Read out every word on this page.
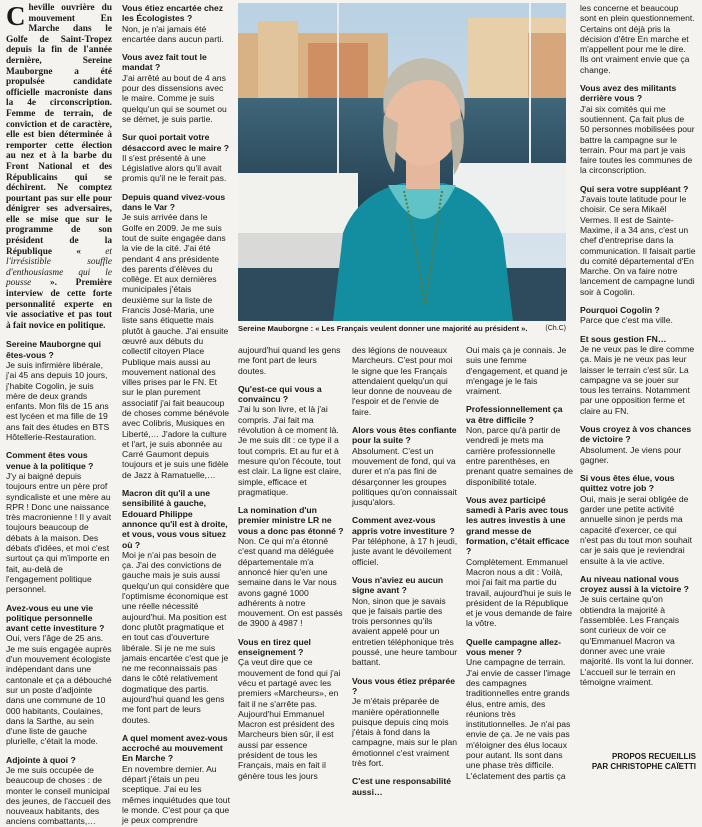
Cheville ouvrière du mouvement En Marche dans le Golfe de Saint-Tropez depuis la fin de l'année dernière, Sereine Mauborgne a été propulsée candidate officielle macroniste dans la 4e circonscription. Femme de terrain, de conviction et de caractère, elle est bien déterminée à remporter cette élection au nez et à la barbe du Front National et des Républicains qui se déchirent. Ne comptez pourtant pas sur elle pour dénigrer ses adversaires, elle se mise que sur le programme de son président de la République « et l'irrésistible souffle d'enthousiasme qui le pousse ». Première interview de cette forte personnalité experte en vie associative et pas tout à fait novice en politique.

Sereine Mauborgne qui êtes-vous ?

Je suis infirmière libérale, j'ai 45 ans depuis 10 jours, j'habite Cogolin, je suis mère de deux grands enfants. Mon fils de 15 ans est lycéen et ma fille de 19 ans fait des études en BTS Hôtellerie-Restauration.

Comment êtes vous venue à la politique ?

J'y ai baigné depuis toujours entre un père prof syndicaliste et une mère au RPR ! Donc une naissance très macronienne ! Il y avait toujours beaucoup de débats à la maison. Des débats d'idées, et moi c'est surtout ça qui m'importe en fait, au-delà de l'engagement politique personnel.

Avez-vous eu une vie politique personnelle avant cette investiture ?

Oui, vers l'âge de 25 ans. Je me suis engagée auprès d'un mouvement écologiste indépendant dans une cantonale et ça a débouché sur un poste d'adjointe dans une commune de 10 000 habitants, Coulaines, dans la Sarthe, au sein d'une liste de gauche plurielle, c'était la mode.

Adjointe à quoi ?

Je me suis occupée de beaucoup de choses : de monter le conseil municipal des jeunes, de l'accueil des nouveaux habitants, des anciens combattants,…

Vous étiez encartée chez les Écologistes ?

Non, je n'ai jamais été encartée dans aucun parti.

Vous avez fait tout le mandat ?

J'ai arrêté au bout de 4 ans pour des dissensions avec le maire. Comme je suis quelqu'un qui se soumet ou se démet, je suis partie.

Sur quoi portait votre désaccord avec le maire ?

Il s'est présenté à une Législative alors qu'il avait promis qu'il ne le ferait pas.

Depuis quand vivez-vous dans le Var ?

Je suis arrivée dans le Golfe en 2009. Je me suis tout de suite engagée dans la vie de la cité. J'ai été pendant 4 ans présidente des parents d'élèves du collège. Et aux dernières municipales j'étais deuxième sur la liste de Francis José-Maria, une liste sans étiquette mais plutôt à gauche. J'ai ensuite œuvré aux débuts du collectif citoyen Place Publique mais aussi au mouvement national des villes prises par le FN. Et sur le plan purement associatif j'ai fait beaucoup de choses comme bénévole avec Colibris, Musiques en Liberté,… J'adore la culture et l'art, je suis abonnée au Carré Gaumont depuis toujours et je suis une fidèle de Jazz à Ramatuelle,…

Macron dit qu'il a une sensibilité à gauche, Edouard Philippe annonce qu'il est à droite, et vous, vous vous situez où ?

Moi je n'ai pas besoin de ça. J'ai des convictions de gauche mais je suis aussi quelqu'un qui considère que l'optimisme économique est une réelle nécessité aujourd'hui. Ma position est donc plutôt pragmatique et en tout cas d'ouverture libérale. Si je ne me suis jamais encartée c'est que je ne me reconnaissais pas dans le côté relativement dogmatique des partis. aujourd'hui quand les gens me font part de leurs doutes.

A quel moment avez-vous accroché au mouvement En Marche ?

En novembre dernier. Au départ j'étais un peu sceptique. J'ai eu les mêmes inquiétudes que tout le monde. C'est pour ça que je peux comprendre

Sereine Mauborgne : « Les Français veulent donner une majorité au président ».	(Ch.C)

aujourd'hui quand les gens me font part de leurs doutes.

Qu'est-ce qui vous a convaincu ?

J'ai lu son livre, et là j'ai compris. J'ai fait ma révolution à ce moment là. Je me suis dit : ce type il a tout compris. Et au fur et à mesure qu'on l'écoute, tout est clair. La ligne est claire, simple, efficace et pragmatique.

La nomination d'un premier ministre LR ne vous a donc pas étonné ?

Non. Ce qui m'a étonné c'est quand ma déléguée départementale m'a annoncé hier qu'en une semaine dans le Var nous avons gagné 1000 adhérents à notre mouvement. On est passés de 3900 à 4987 !

Vous en tirez quel enseignement ?

Ça veut dire que ce mouvement de fond qui j'ai vécu et partagé avec les premiers «Marcheurs», en fait il ne s'arrête pas. Aujourd'hui Emmanuel Macron est président des Marcheurs bien sûr, il est aussi par essence président de tous les Français, mais en fait il génère tous les jours

des légions de nouveaux Marcheurs. C'est pour moi le signe que les Français attendaient quelqu'un qui leur donne de nouveau de l'espoir et de l'envie de faire.

Alors vous êtes confiante pour la suite ?

Absolument. C'est un mouvement de fond, qui va durer et n'a pas fini de désarçonner les groupes politiques qu'on connaissait jusqu'alors.

Comment avez-vous appris votre investiture ?

Par téléphone, à 17 h jeudi, juste avant le dévoilement officiel.

Vous n'aviez eu aucun signe avant ?

Non, sinon que je savais que je faisais partie des trois personnes qu'ils avaient appelé pour un entretien téléphonique très poussé, une heure tambour battant.

Vous vous étiez préparée ?

Je m'étais préparée de manière opérationnelle puisque depuis cinq mois j'étais à fond dans la campagne, mais sur le plan émotionnel c'est vraiment très fort.

C'est une responsabilité aussi…

Oui mais ça je connais. Je suis une femme d'engagement, et quand je m'engage je le fais vraiment.

Professionnellement ça va être difficile ?

Non, parce qu'à partir de vendredi je mets ma carrière professionnelle entre parenthèses, en prenant quatre semaines de disponibilité totale.

Vous avez participé samedi à Paris avec tous les autres investis à une grand messe de formation, c'était efficace ?

Complètement. Emmanuel Macron nous a dit : Voilà, moi j'ai fait ma partie du travail, aujourd'hui je suis le président de la République et je vous demande de faire la vôtre.

Quelle campagne allez-vous mener ?

Une campagne de terrain. J'ai envie de casser l'image des campagnes traditionnelles entre grands élus, entre amis, des réunions très institutionnelles. Je n'ai pas envie de ça. Je ne vais pas m'éloigner des élus locaux pour autant. Ils sont dans une phase très difficile. L'éclatement des partis ça

les concerne et beaucoup sont en plein questionnement. Certains ont déjà pris la décision d'être En marche et m'appellent pour me le dire. Ils ont vraiment envie que ça change.

Vous avez des militants derrière vous ?

J'ai six comités qui me soutiennent. Ça fait plus de 50 personnes mobilisées pour battre la campagne sur le terrain. Pour ma part je vais faire toutes les communes de la circonscription.

Qui sera votre suppléant ?

J'avais toute latitude pour le choisir. Ce sera Mikaël Vermes. Il est de Sainte-Maxime, il a 34 ans, c'est un chef d'entreprise dans la communication. Il faisait partie du comité départemental d'En Marche. On va faire notre lancement de campagne lundi soir à Cogolin.

Pourquoi Cogolin ?

Parce que c'est ma ville.

Et sous gestion FN…

Je ne veux pas le dire comme ça. Mais je ne veux pas leur laisser le terrain c'est sûr. La campagne va se jouer sur tous les terrains. Notamment par une opposition ferme et claire au FN.

Vous croyez à vos chances de victoire ?

Absolument. Je viens pour gagner.

Si vous êtes élue, vous quittez votre job ?

Oui, mais je serai obligée de garder une petite activité annuelle sinon je perds ma capacité d'exercer, ce qui n'est pas du tout mon souhait car je sais que je reviendrai ensuite à la vie active.

Au niveau national vous croyez aussi à la victoire ?

Je suis certaine qu'on obtiendra la majorité à l'assemblée. Les Français sont curieux de voir ce qu'Emmanuel Macron va donner avec une vraie majorité. Ils vont la lui donner. L'accueil sur le terrain en témoigne vraiment.

PROPOS RECUEILLIS
PAR CHRISTOPHE CAÏETTI
